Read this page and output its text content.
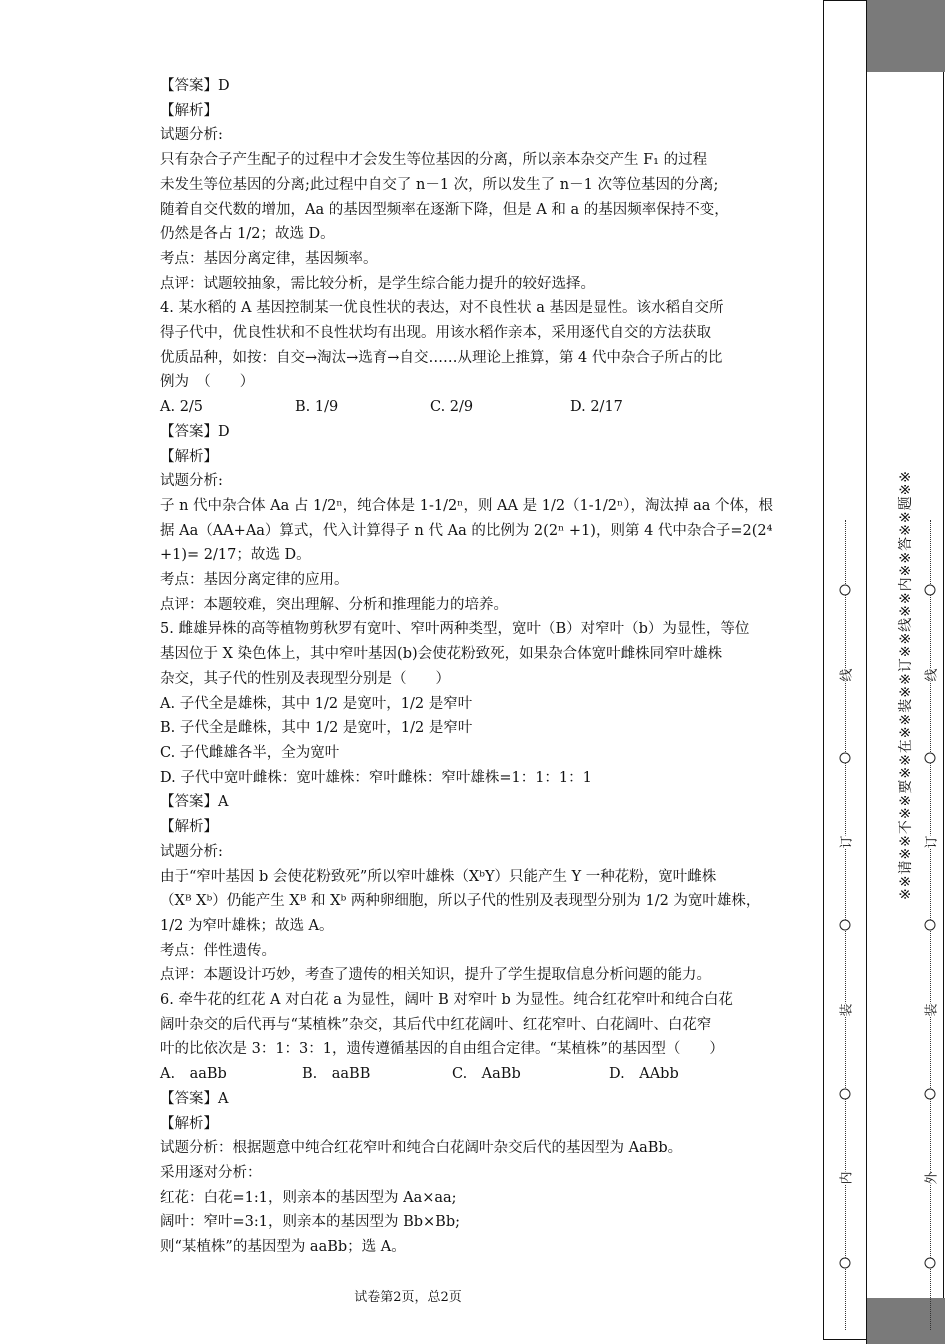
【答案】D
【解析】
试题分析:
只有杂合子产生配子的过程中才会发生等位基因的分离，所以亲本杂交产生 F₁ 的过程
未发生等位基因的分离;此过程中自交了 n－1 次，所以发生了 n－1 次等位基因的分离;
随着自交代数的增加，Aa 的基因型频率在逐渐下降，但是 A 和 a 的基因频率保持不变，
仍然是各占 1/2；故选 D。
考点：基因分离定律，基因频率。
点评：试题较抽象，需比较分析，是学生综合能力提升的较好选择。
4. 某水稻的 A 基因控制某一优良性状的表达，对不良性状 a 基因是显性。该水稻自交所
得子代中，优良性状和不良性状均有出现。用该水稻作亲本，采用逐代自交的方法获取
优质品种，如按：自交→淘汰→选育→自交……从理论上推算，第 4 代中杂合子所占的比
例为　（　　）
A. 2/5	B. 1/9	C. 2/9	D. 2/17
【答案】D
【解析】
试题分析:
子 n 代中杂合体 Aa 占 1/2ⁿ，纯合体是 1-1/2ⁿ，则 AA 是 1/2（1-1/2ⁿ），淘汰掉 aa 个体，根
据 Aa（AA+Aa）算式，代入计算得子 n 代 Aa 的比例为 2(2ⁿ +1)，则第 4 代中杂合子=2(2⁴
+1)= 2/17；故选 D。
考点：基因分离定律的应用。
点评：本题较难，突出理解、分析和推理能力的培养。
5. 雌雄异株的高等植物剪秋罗有宽叶、窄叶两种类型，宽叶（B）对窄叶（b）为显性，等位
基因位于 X 染色体上，其中窄叶基因(b)会使花粉致死，如果杂合体宽叶雌株同窄叶雄株
杂交，其子代的性别及表现型分别是（　　）
A. 子代全是雄株，其中 1/2 是宽叶，1/2 是窄叶
B. 子代全是雌株，其中 1/2 是宽叶，1/2 是窄叶
C. 子代雌雄各半，全为宽叶
D. 子代中宽叶雌株：宽叶雄株：窄叶雌株：窄叶雄株=1：1：1：1
【答案】A
【解析】
试题分析:
由于“窄叶基因 b 会使花粉致死”所以窄叶雄株（XᵇY）只能产生 Y 一种花粉，宽叶雌株
（Xᴮ Xᵇ）仍能产生 Xᴮ 和 Xᵇ 两种卵细胞，所以子代的性别及表现型分别为 1/2 为宽叶雄株，
1/2 为窄叶雄株；故选 A。
考点：伴性遗传。
点评：本题设计巧妙，考查了遗传的相关知识，提升了学生提取信息分析问题的能力。
6. 牵牛花的红花 A 对白花 a 为显性，阔叶 B 对窄叶 b 为显性。纯合红花窄叶和纯合白花
阔叶杂交的后代再与“某植株”杂交，其后代中红花阔叶、红花窄叶、白花阔叶、白花窄
叶的比依次是 3：1：3：1，遗传遵循基因的自由组合定律。“某植株”的基因型（　　）
A.　aaBb	B.　aaBB	C.　AaBb	D.　AAbb
【答案】A
【解析】
试题分析：根据题意中纯合红花窄叶和纯合白花阔叶杂交后代的基因型为 AaBb。
采用逐对分析：
红花：白花=1:1，则亲本的基因型为 Aa×aa;
阔叶：窄叶=3:1，则亲本的基因型为 Bb×Bb;
则“某植株”的基因型为 aaBb；选 A。
试卷第2页，总2页
※※请※※不※※要※※在※※装※※订※※线※※内※※答※※题※※
线
订
装
内
线
订
装
外
